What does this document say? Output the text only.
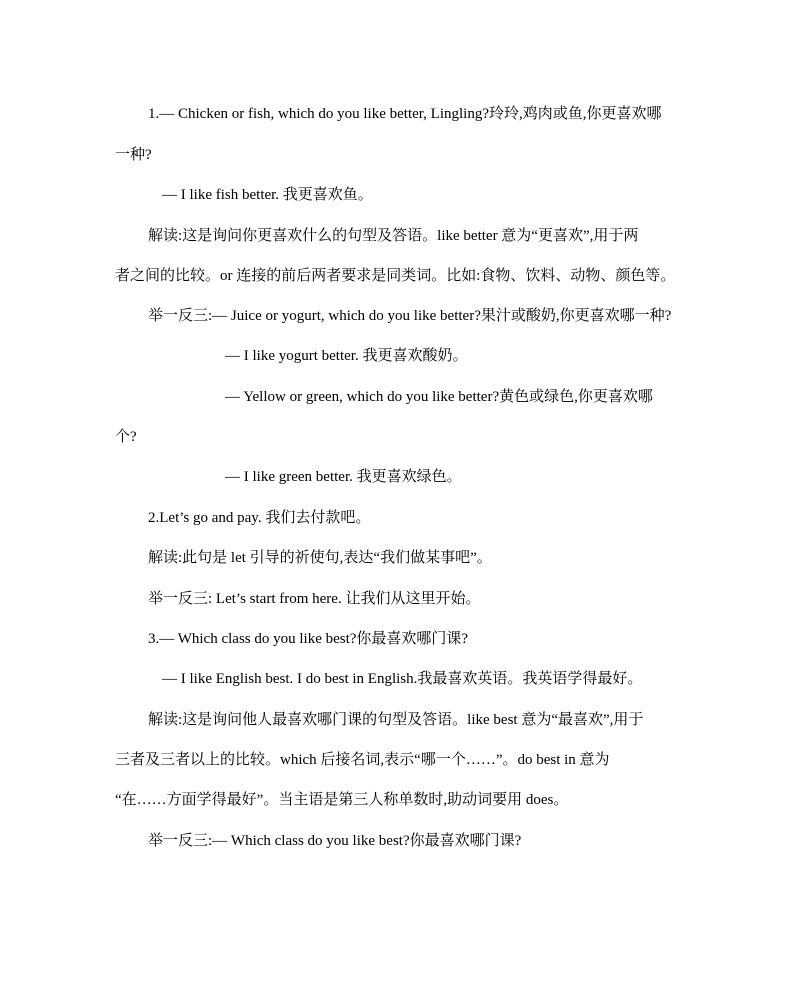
1.— Chicken or fish, which do you like better, Lingling?玲玲,鸡肉或鱼,你更喜欢哪
一种?
— I like fish better. 我更喜欢鱼。
解读:这是询问你更喜欢什么的句型及答语。like better 意为“更喜欢”,用于两
者之间的比较。or 连接的前后两者要求是同类词。比如:食物、饮料、动物、颜色等。
举一反三:— Juice or yogurt, which do you like better?果汁或酸奶,你更喜欢哪一种?
— I like yogurt better. 我更喜欢酸奶。
— Yellow or green, which do you like better?黄色或绿色,你更喜欢哪
个?
— I like green better. 我更喜欢绿色。
2.Let’s go and pay. 我们去付款吧。
解读:此句是 let 引导的祈使句,表达“我们做某事吧”。
举一反三: Let’s start from here. 让我们从这里开始。
3.— Which class do you like best?你最喜欢哪门课?
— I like English best. I do best in English.我最喜欢英语。我英语学得最好。
解读:这是询问他人最喜欢哪门课的句型及答语。like best 意为“最喜欢”,用于
三者及三者以上的比较。which 后接名词,表示“哪一个……”。do best in 意为
“在……方面学得最好”。当主语是第三人称单数时,助动词要用 does。
举一反三:— Which class do you like best?你最喜欢哪门课?
